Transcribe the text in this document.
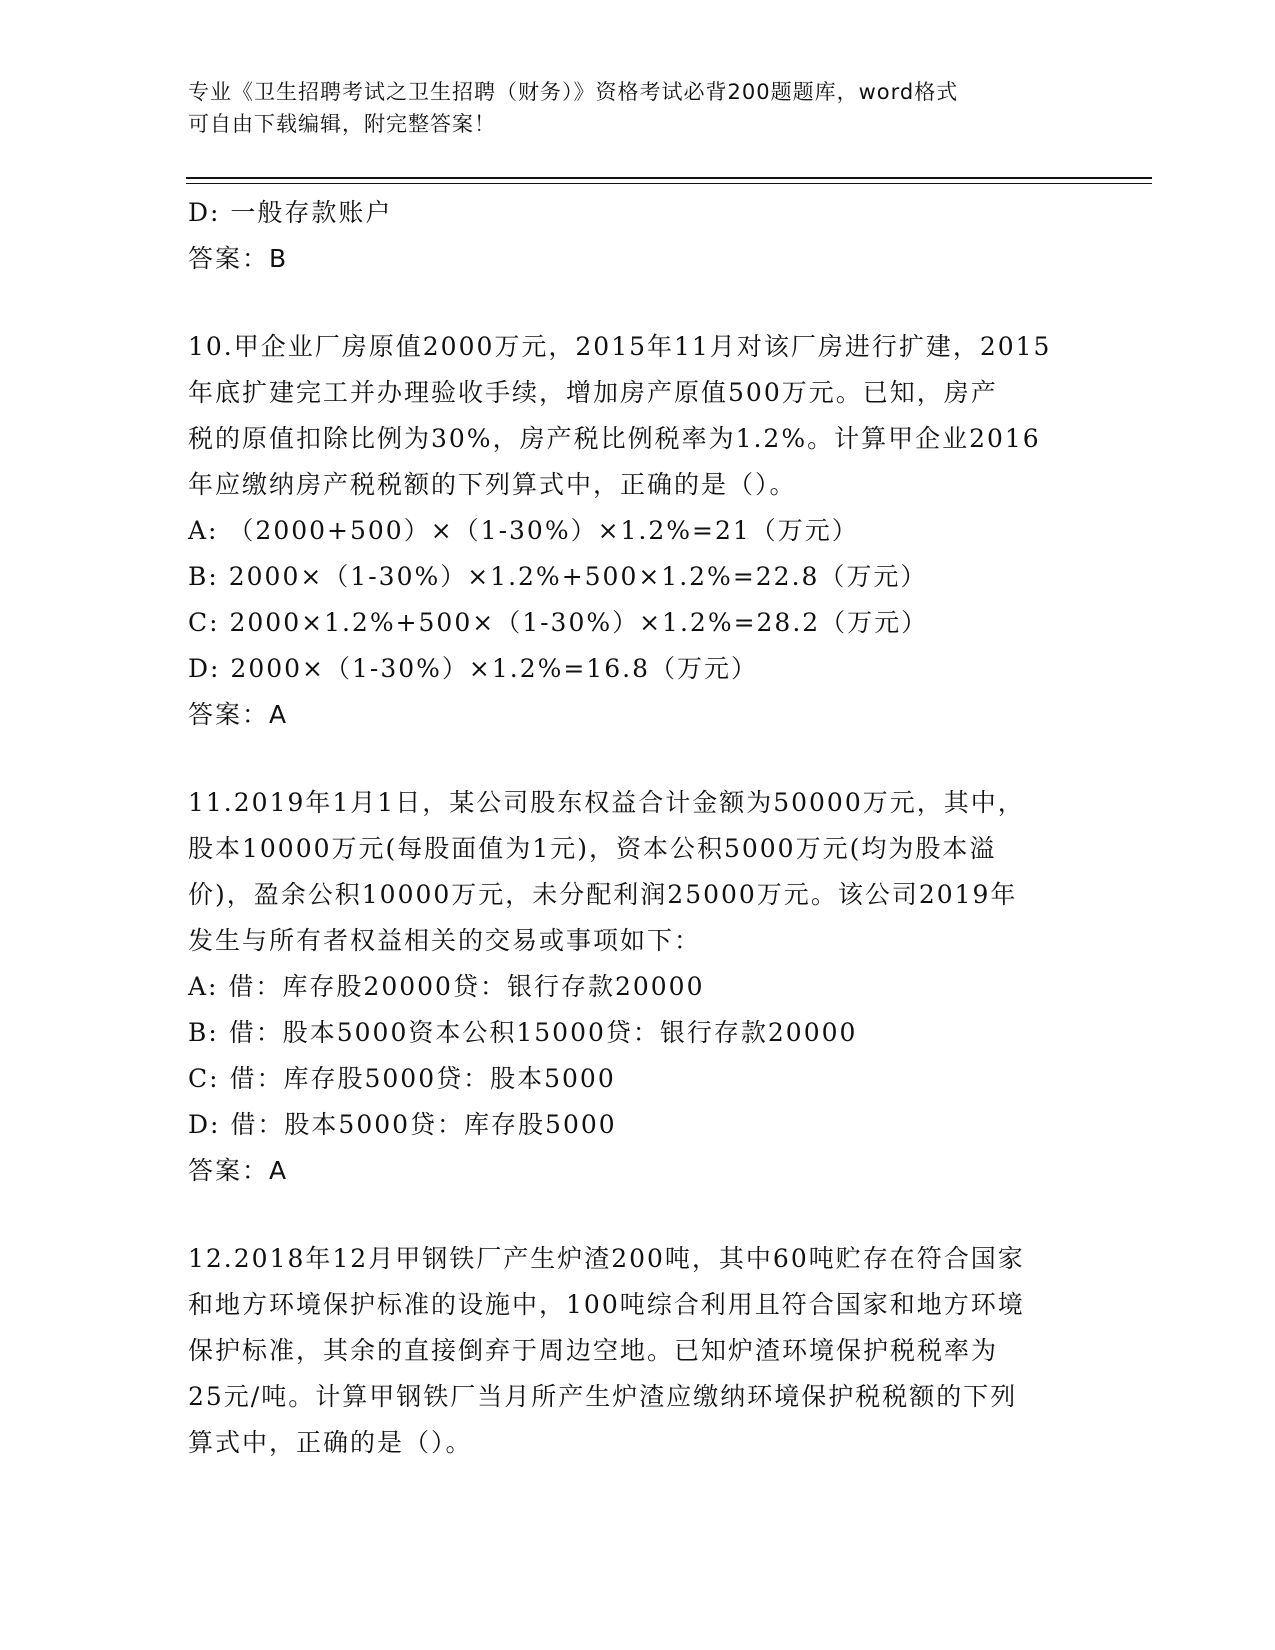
专业《卫生招聘考试之卫生招聘（财务）》资格考试必背200题题库，word格式
可自由下载编辑，附完整答案！
D: 一般存款账户
答案：B
10.甲企业厂房原值2000万元，2015年11月对该厂房进行扩建，2015
年底扩建完工并办理验收手续，增加房产原值500万元。已知，房产
税的原值扣除比例为30%，房产税比例税率为1.2%。计算甲企业2016
年应缴纳房产税税额的下列算式中，正确的是（）。
A: （2000+500）×（1-30%）×1.2%=21（万元）
B: 2000×（1-30%）×1.2%+500×1.2%=22.8（万元）
C: 2000×1.2%+500×（1-30%）×1.2%=28.2（万元）
D: 2000×（1-30%）×1.2%=16.8（万元）
答案：A
11.2019年1月1日，某公司股东权益合计金额为50000万元，其中，
股本10000万元(每股面值为1元)，资本公积5000万元(均为股本溢
价)，盈余公积10000万元，未分配利润25000万元。该公司2019年
发生与所有者权益相关的交易或事项如下：
A: 借：库存股20000贷：银行存款20000
B: 借：股本5000资本公积15000贷：银行存款20000
C: 借：库存股5000贷：股本5000
D: 借：股本5000贷：库存股5000
答案：A
12.2018年12月甲钢铁厂产生炉渣200吨，其中60吨贮存在符合国家
和地方环境保护标准的设施中，100吨综合利用且符合国家和地方环境
保护标准，其余的直接倒弃于周边空地。已知炉渣环境保护税税率为
25元/吨。计算甲钢铁厂当月所产生炉渣应缴纳环境保护税税额的下列
算式中，正确的是（）。
